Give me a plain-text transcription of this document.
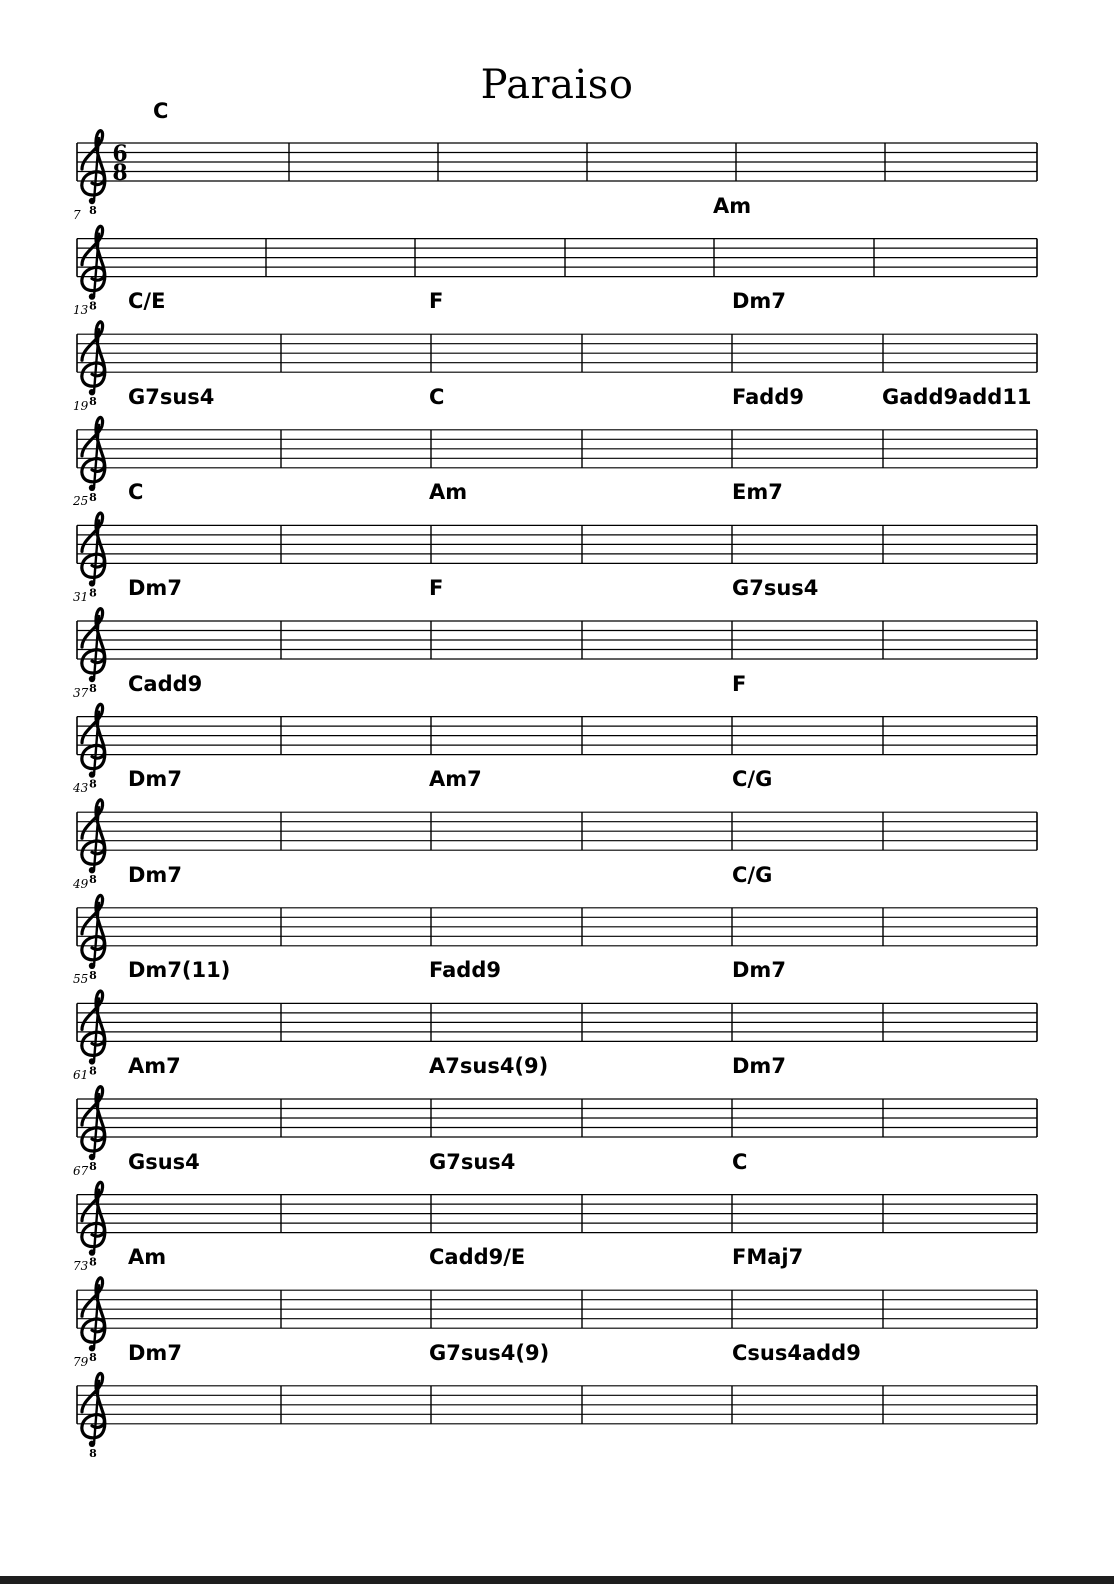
Paraiso
8
6
8
8
8
8
8
8
8
8
8
8
8
8
8
8
C
7	Am
13 C/E	F	Dm7
19 G7sus4	C	Fadd9	Gadd9add11
25 C	Am	Em7
31 Dm7	F	G7sus4
37 Cadd9	F
43 Dm7	Am7	C/G
49 Dm7	C/G
55 Dm7(11)	Fadd9	Dm7
61 Am7	A7sus4(9)	Dm7
67 Gsus4	G7sus4	C
73 Am	Cadd9/E	FMaj7
79 Dm7	G7sus4(9)	Csus4add9
